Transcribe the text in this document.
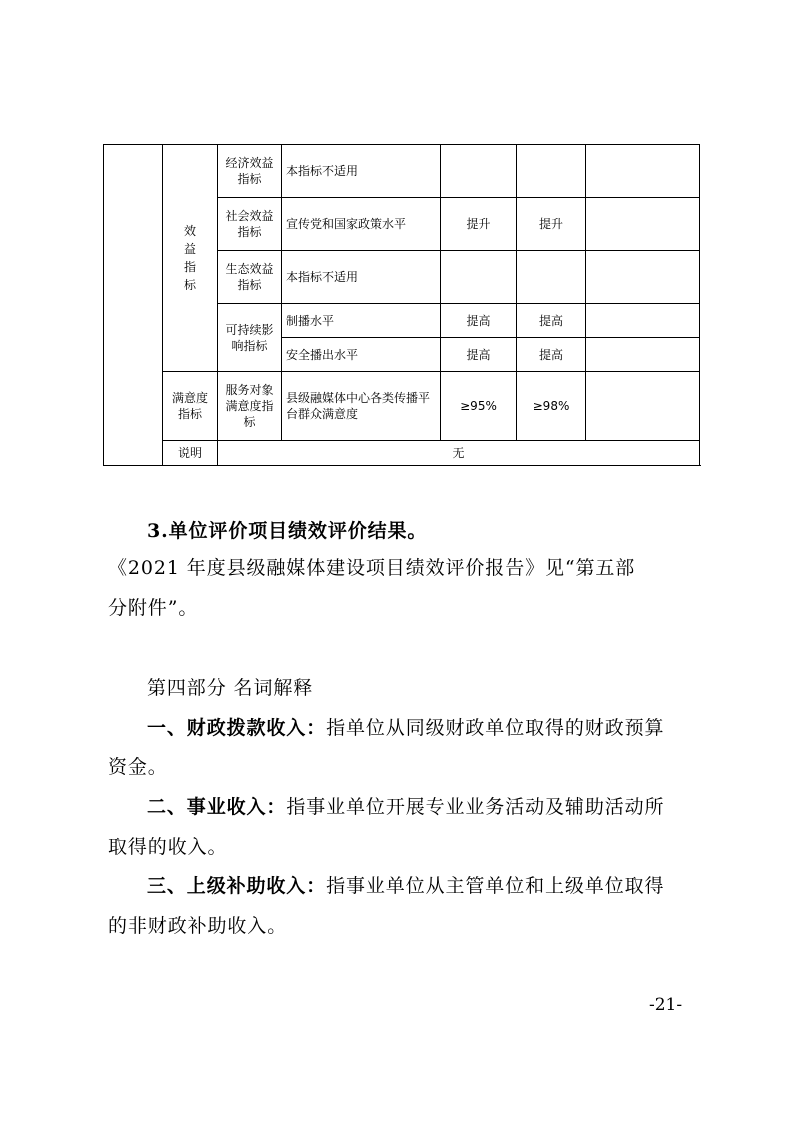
	效益指标	经济效益指标	本指标不适用			
		社会效益指标	宣传党和国家政策水平	提升	提升	
		生态效益指标	本指标不适用			
		可持续影响指标	制播水平	提高	提高	
			安全播出水平	提高	提高	
	满意度指标	服务对象满意度指标	县级融媒体中心各类传播平台群众满意度	≥95%	≥98%	
	说明	无				
3.单位评价项目绩效评价结果。
《2021 年度县级融媒体建设项目绩效评价报告》见“第五部
分附件”。
第四部分 名词解释
一、财政拨款收入：指单位从同级财政单位取得的财政预算
资金。
二、事业收入：指事业单位开展专业业务活动及辅助活动所
取得的收入。
三、上级补助收入：指事业单位从主管单位和上级单位取得
的非财政补助收入。
-21-
